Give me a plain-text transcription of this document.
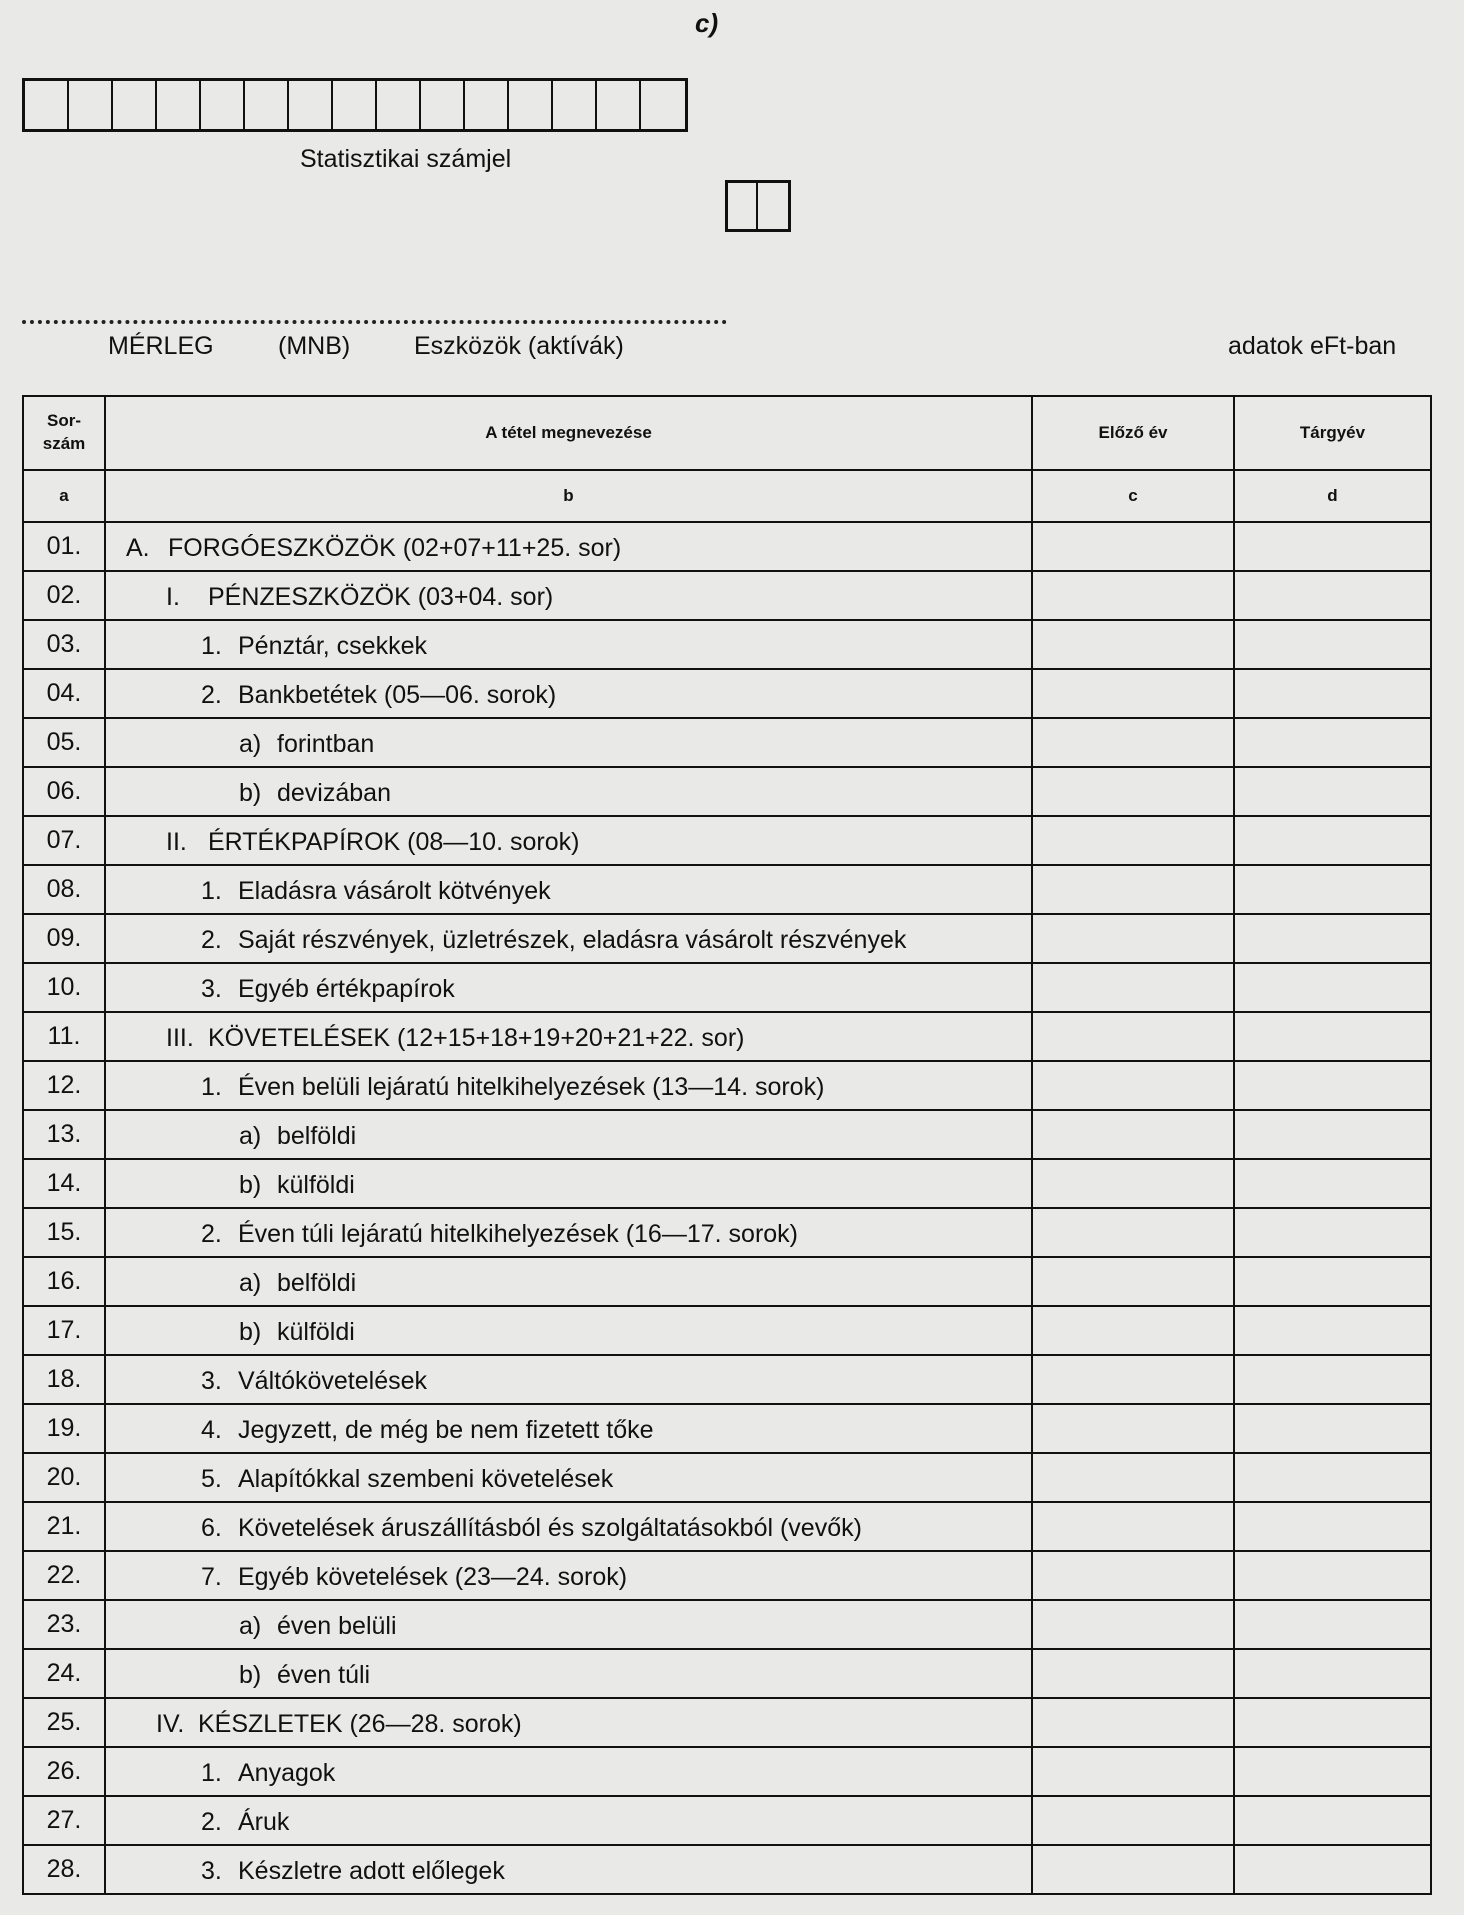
c)
Statisztikai számjel
MÉRLEG	(MNB)	Eszközök (aktívák)	adatok eFt-ban
Sor-
szám	A tétel megnevezése	Előző év	Tárgyév
a	b	c	d
01.	A. FORGÓESZKÖZÖK (02+07+11+25. sor)		

02.	I. PÉNZESZKÖZÖK (03+04. sor)		

03.	1. Pénztár, csekkek		

04.	2. Bankbetétek (05—06. sorok)		

05.	a) forintban		

06.	b) devizában		

07.	II. ÉRTÉKPAPÍROK (08—10. sorok)		

08.	1. Eladásra vásárolt kötvények		

09.	2. Saját részvények, üzletrészek, eladásra vásárolt részvények		

10.	3. Egyéb értékpapírok		

11.	III. KÖVETELÉSEK (12+15+18+19+20+21+22. sor)		

12.	1. Éven belüli lejáratú hitelkihelyezések (13—14. sorok)		

13.	a) belföldi		

14.	b) külföldi		

15.	2. Éven túli lejáratú hitelkihelyezések (16—17. sorok)		

16.	a) belföldi		

17.	b) külföldi		

18.	3. Váltókövetelések		

19.	4. Jegyzett, de még be nem fizetett tőke		

20.	5. Alapítókkal szembeni követelések		

21.	6. Követelések áruszállításból és szolgáltatásokból (vevők)		

22.	7. Egyéb követelések (23—24. sorok)		

23.	a) éven belüli		

24.	b) éven túli		

25.	IV. KÉSZLETEK (26—28. sorok)		

26.	1. Anyagok		

27.	2. Áruk		

28.	3. Készletre adott előlegek		
